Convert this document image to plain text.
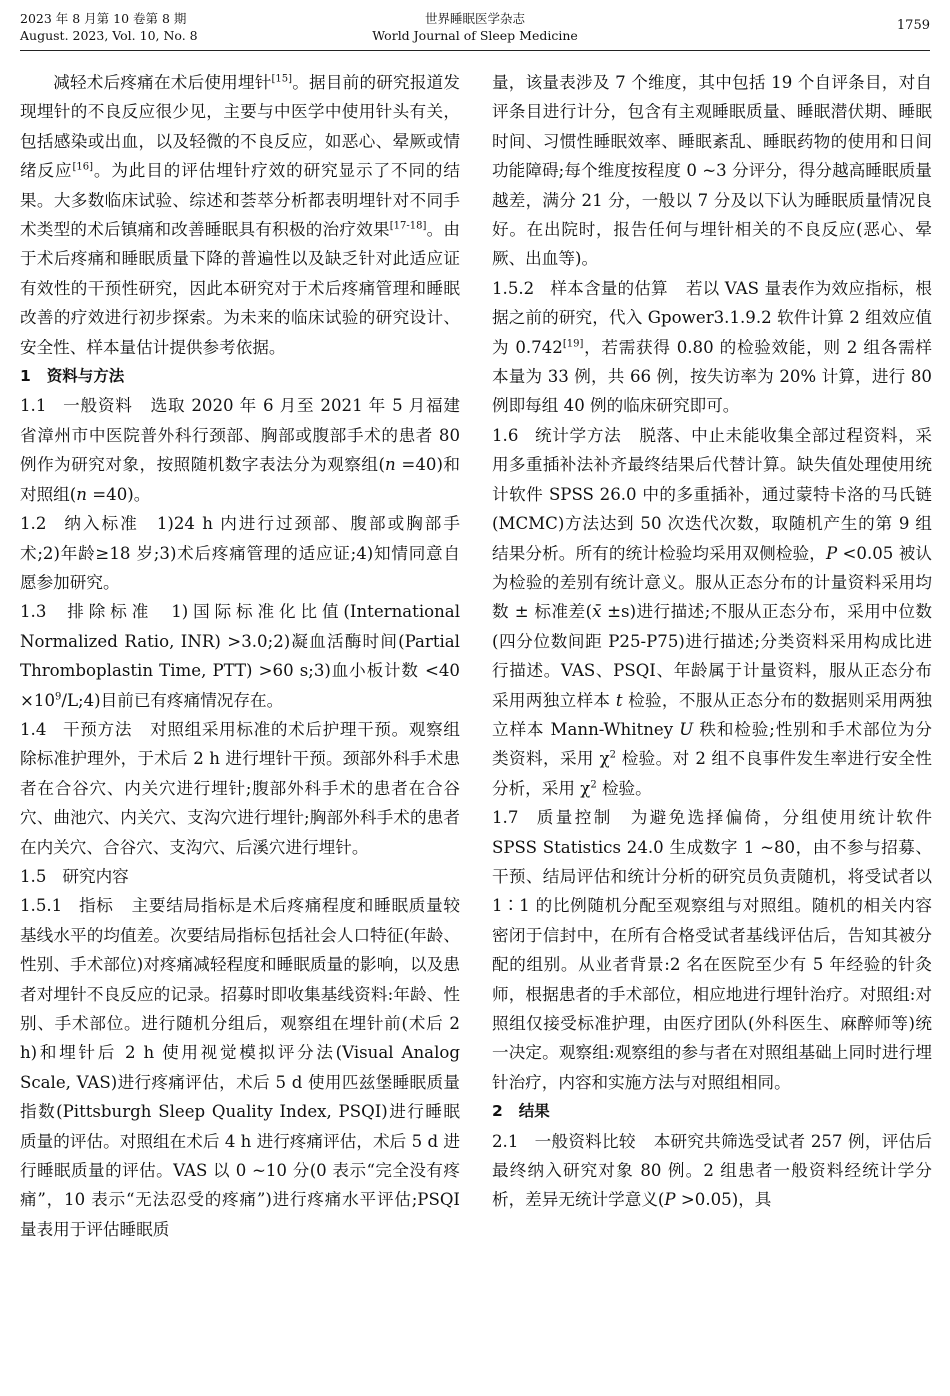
2023 年 8 月第 10 卷第 8 期
August. 2023, Vol. 10, No. 8
世界睡眠医学杂志
World Journal of Sleep Medicine
1759

减轻术后疼痛在术后使用埋针[15]。据目前的研究报道发现埋针的不良反应很少见，主要与中医学中使用针头有关，包括感染或出血，以及轻微的不良反应，如恶心、晕厥或情绪反应[16]。为此目的评估埋针疗效的研究显示了不同的结果。大多数临床试验、综述和荟萃分析都表明埋针对不同手术类型的术后镇痛和改善睡眠具有积极的治疗效果[17-18]。由于术后疼痛和睡眠质量下降的普遍性以及缺乏针对此适应证有效性的干预性研究，因此本研究对于术后疼痛管理和睡眠改善的疗效进行初步探索。为未来的临床试验的研究设计、安全性、样本量估计提供参考依据。

1 资料与方法

1.1 一般资料 选取 2020 年 6 月至 2021 年 5 月福建省漳州市中医院普外科行颈部、胸部或腹部手术的患者 80 例作为研究对象，按照随机数字表法分为观察组(n =40)和对照组(n =40)。

1.2 纳入标准 1)24 h 内进行过颈部、腹部或胸部手术;2)年龄≥18 岁;3)术后疼痛管理的适应证;4)知情同意自愿参加研究。

1.3 排除标准 1)国际标准化比值(International Normalized Ratio, INR) >3.0;2)凝血活酶时间(Partial Thromboplastin Time, PTT) >60 s;3)血小板计数 $<40 \times 10^9/L;4$)目前已有疼痛情况存在。

1.4 干预方法 对照组采用标准的术后护理干预。观察组除标准护理外，于术后 2 h 进行埋针干预。颈部外科手术患者在合谷穴、内关穴进行埋针;腹部外科手术的患者在合谷穴、曲池穴、内关穴、支沟穴进行埋针;胸部外科手术的患者在内关穴、合谷穴、支沟穴、后溪穴进行埋针。

1.5 研究内容

1.5.1 指标 主要结局指标是术后疼痛程度和睡眠质量较基线水平的均值差。次要结局指标包括社会人口特征(年龄、性别、手术部位)对疼痛减轻程度和睡眠质量的影响，以及患者对埋针不良反应的记录。招募时即收集基线资料:年龄、性别、手术部位。进行随机分组后，观察组在埋针前(术后 2 h)和埋针后 2 h 使用视觉模拟评分法(Visual Analog Scale, VAS)进行疼痛评估，术后 5 d 使用匹兹堡睡眠质量指数(Pittsburgh Sleep Quality Index, PSQI)进行睡眠质量的评估。对照组在术后 4 h 进行疼痛评估，术后 5 d 进行睡眠质量的评估。VAS 以 0 ~10 分(0 表示“完全没有疼痛”，10 表示“无法忍受的疼痛”)进行疼痛水平评估;PSQI 量表用于评估睡眠质

量，该量表涉及 7 个维度，其中包括 19 个自评条目，对自评条目进行计分，包含有主观睡眠质量、睡眠潜伏期、睡眠时间、习惯性睡眠效率、睡眠紊乱、睡眠药物的使用和日间功能障碍;每个维度按程度 0 ~3 分评分，得分越高睡眠质量越差，满分 21 分，一般以 7 分及以下认为睡眠质量情况良好。在出院时，报告任何与埋针相关的不良反应(恶心、晕厥、出血等)。

1.5.2 样本含量的估算 若以 VAS 量表作为效应指标，根据之前的研究，代入 Gpower3.1.9.2 软件计算 2 组效应值为 0.742[19]，若需获得 0.80 的检验效能，则 2 组各需样本量为 33 例，共 66 例，按失访率为 20% 计算，进行 80 例即每组 40 例的临床研究即可。

1.6 统计学方法 脱落、中止未能收集全部过程资料，采用多重插补法补齐最终结果后代替计算。缺失值处理使用统计软件 SPSS 26.0 中的多重插补，通过蒙特卡洛的马氏链(MCMC)方法达到 50 次迭代次数，取随机产生的第 9 组结果分析。所有的统计检验均采用双侧检验，P <0.05 被认为检验的差别有统计意义。服从正态分布的计量资料采用均数 ± 标准差(x̄ ±s)进行描述;不服从正态分布，采用中位数(四分位数间距 P25-P75)进行描述;分类资料采用构成比进行描述。VAS、PSQI、年龄属于计量资料，服从正态分布采用两独立样本 t 检验，不服从正态分布的数据则采用两独立样本 Mann-Whitney U 秩和检验;性别和手术部位为分类资料，采用 $\chi^2$ 检验。对 2 组不良事件发生率进行安全性分析，采用 $\chi^2$ 检验。

1.7 质量控制 为避免选择偏倚，分组使用统计软件 SPSS Statistics 24.0 生成数字 1 ~80，由不参与招募、干预、结局评估和统计分析的研究员负责随机，将受试者以 1∶1 的比例随机分配至观察组与对照组。随机的相关内容密闭于信封中，在所有合格受试者基线评估后，告知其被分配的组别。从业者背景:2 名在医院至少有 5 年经验的针灸师，根据患者的手术部位，相应地进行埋针治疗。对照组:对照组仅接受标准护理，由医疗团队(外科医生、麻醉师等)统一决定。观察组:观察组的参与者在对照组基础上同时进行埋针治疗，内容和实施方法与对照组相同。

2 结果

2.1 一般资料比较 本研究共筛选受试者 257 例，评估后最终纳入研究对象 80 例。2 组患者一般资料经统计学分析，差异无统计学意义(P >0.05)，具
